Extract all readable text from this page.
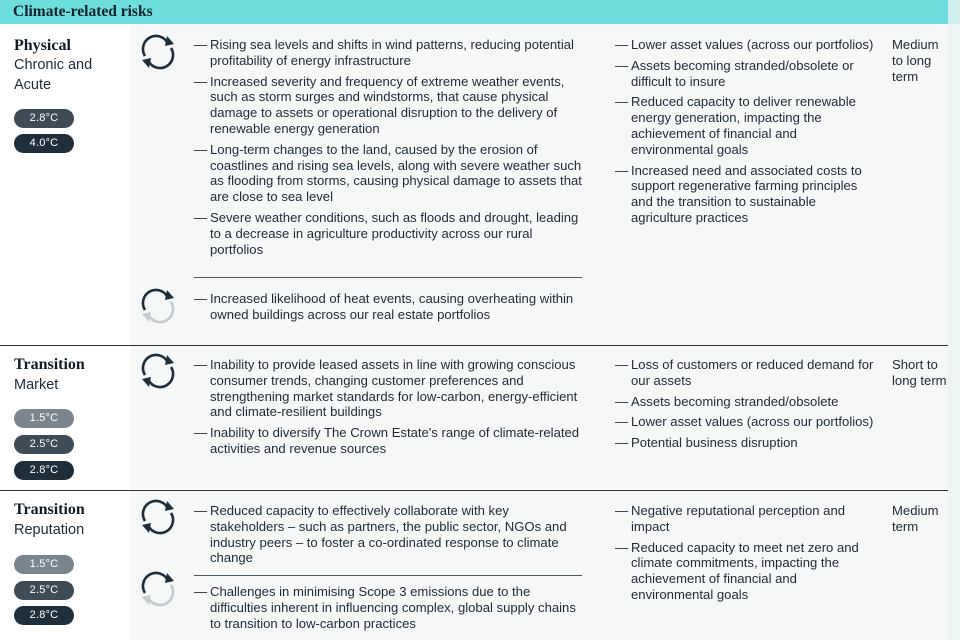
Climate-related risks
Physical
Chronic and Acute
2.8°C
4.0°C
— Rising sea levels and shifts in wind patterns, reducing potential profitability of energy infrastructure
— Increased severity and frequency of extreme weather events, such as storm surges and windstorms, that cause physical damage to assets or operational disruption to the delivery of renewable energy generation
— Long-term changes to the land, caused by the erosion of coastlines and rising sea levels, along with severe weather such as flooding from storms, causing physical damage to assets that are close to sea level
— Severe weather conditions, such as floods and drought, leading to a decrease in agriculture productivity across our rural portfolios
— Increased likelihood of heat events, causing overheating within owned buildings across our real estate portfolios
— Lower asset values (across our portfolios)
— Assets becoming stranded/obsolete or difficult to insure
— Reduced capacity to deliver renewable energy generation, impacting the achievement of financial and environmental goals
— Increased need and associated costs to support regenerative farming principles and the transition to sustainable agriculture practices
Medium to long term
Transition
Market
1.5°C
2.5°C
2.8°C
— Inability to provide leased assets in line with growing conscious consumer trends, changing customer preferences and strengthening market standards for low-carbon, energy-efficient and climate-resilient buildings
— Inability to diversify The Crown Estate's range of climate-related activities and revenue sources
— Loss of customers or reduced demand for our assets
— Assets becoming stranded/obsolete
— Lower asset values (across our portfolios)
— Potential business disruption
Short to long term
Transition
Reputation
1.5°C
2.5°C
2.8°C
— Reduced capacity to effectively collaborate with key stakeholders – such as partners, the public sector, NGOs and industry peers – to foster a co-ordinated response to climate change
— Challenges in minimising Scope 3 emissions due to the difficulties inherent in influencing complex, global supply chains to transition to low-carbon practices
— Negative reputational perception and impact
— Reduced capacity to meet net zero and climate commitments, impacting the achievement of financial and environmental goals
Medium term
